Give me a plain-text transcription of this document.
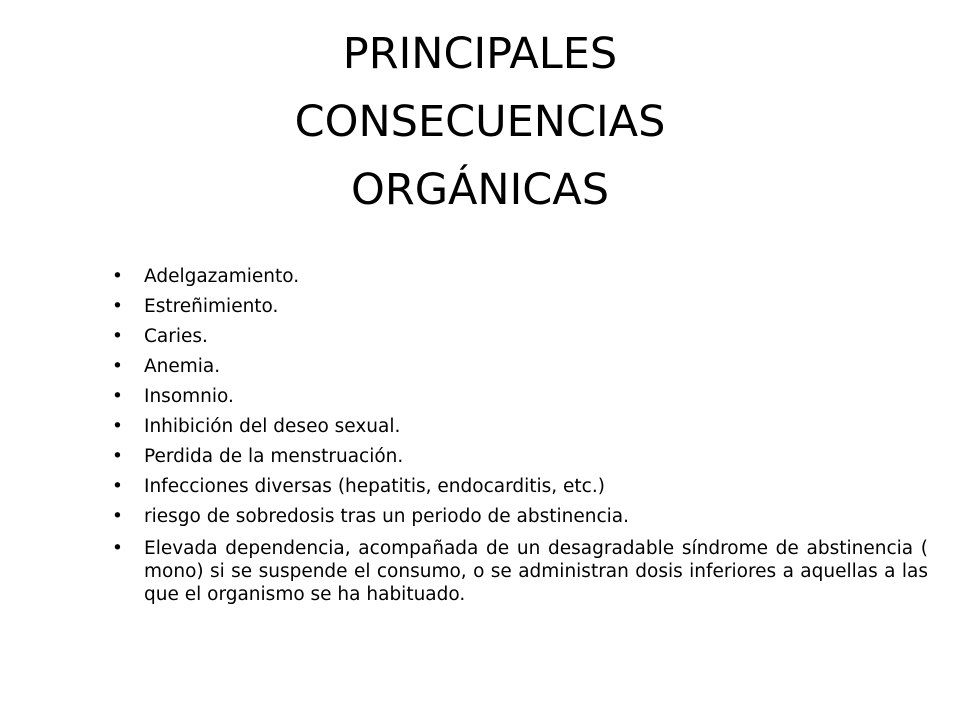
PRINCIPALES
CONSECUENCIAS
ORGÁNICAS
• Adelgazamiento.
• Estreñimiento.
• Caries.
• Anemia.
• Insomnio.
• Inhibición del deseo sexual.
• Perdida de la menstruación.
• Infecciones diversas (hepatitis, endocarditis, etc.)
• riesgo de sobredosis tras un periodo de abstinencia.
• Elevada dependencia, acompañada de un desagradable síndrome de abstinencia ( mono) si se suspende el consumo, o se administran dosis inferiores a aquellas a las que el organismo se ha habituado.
